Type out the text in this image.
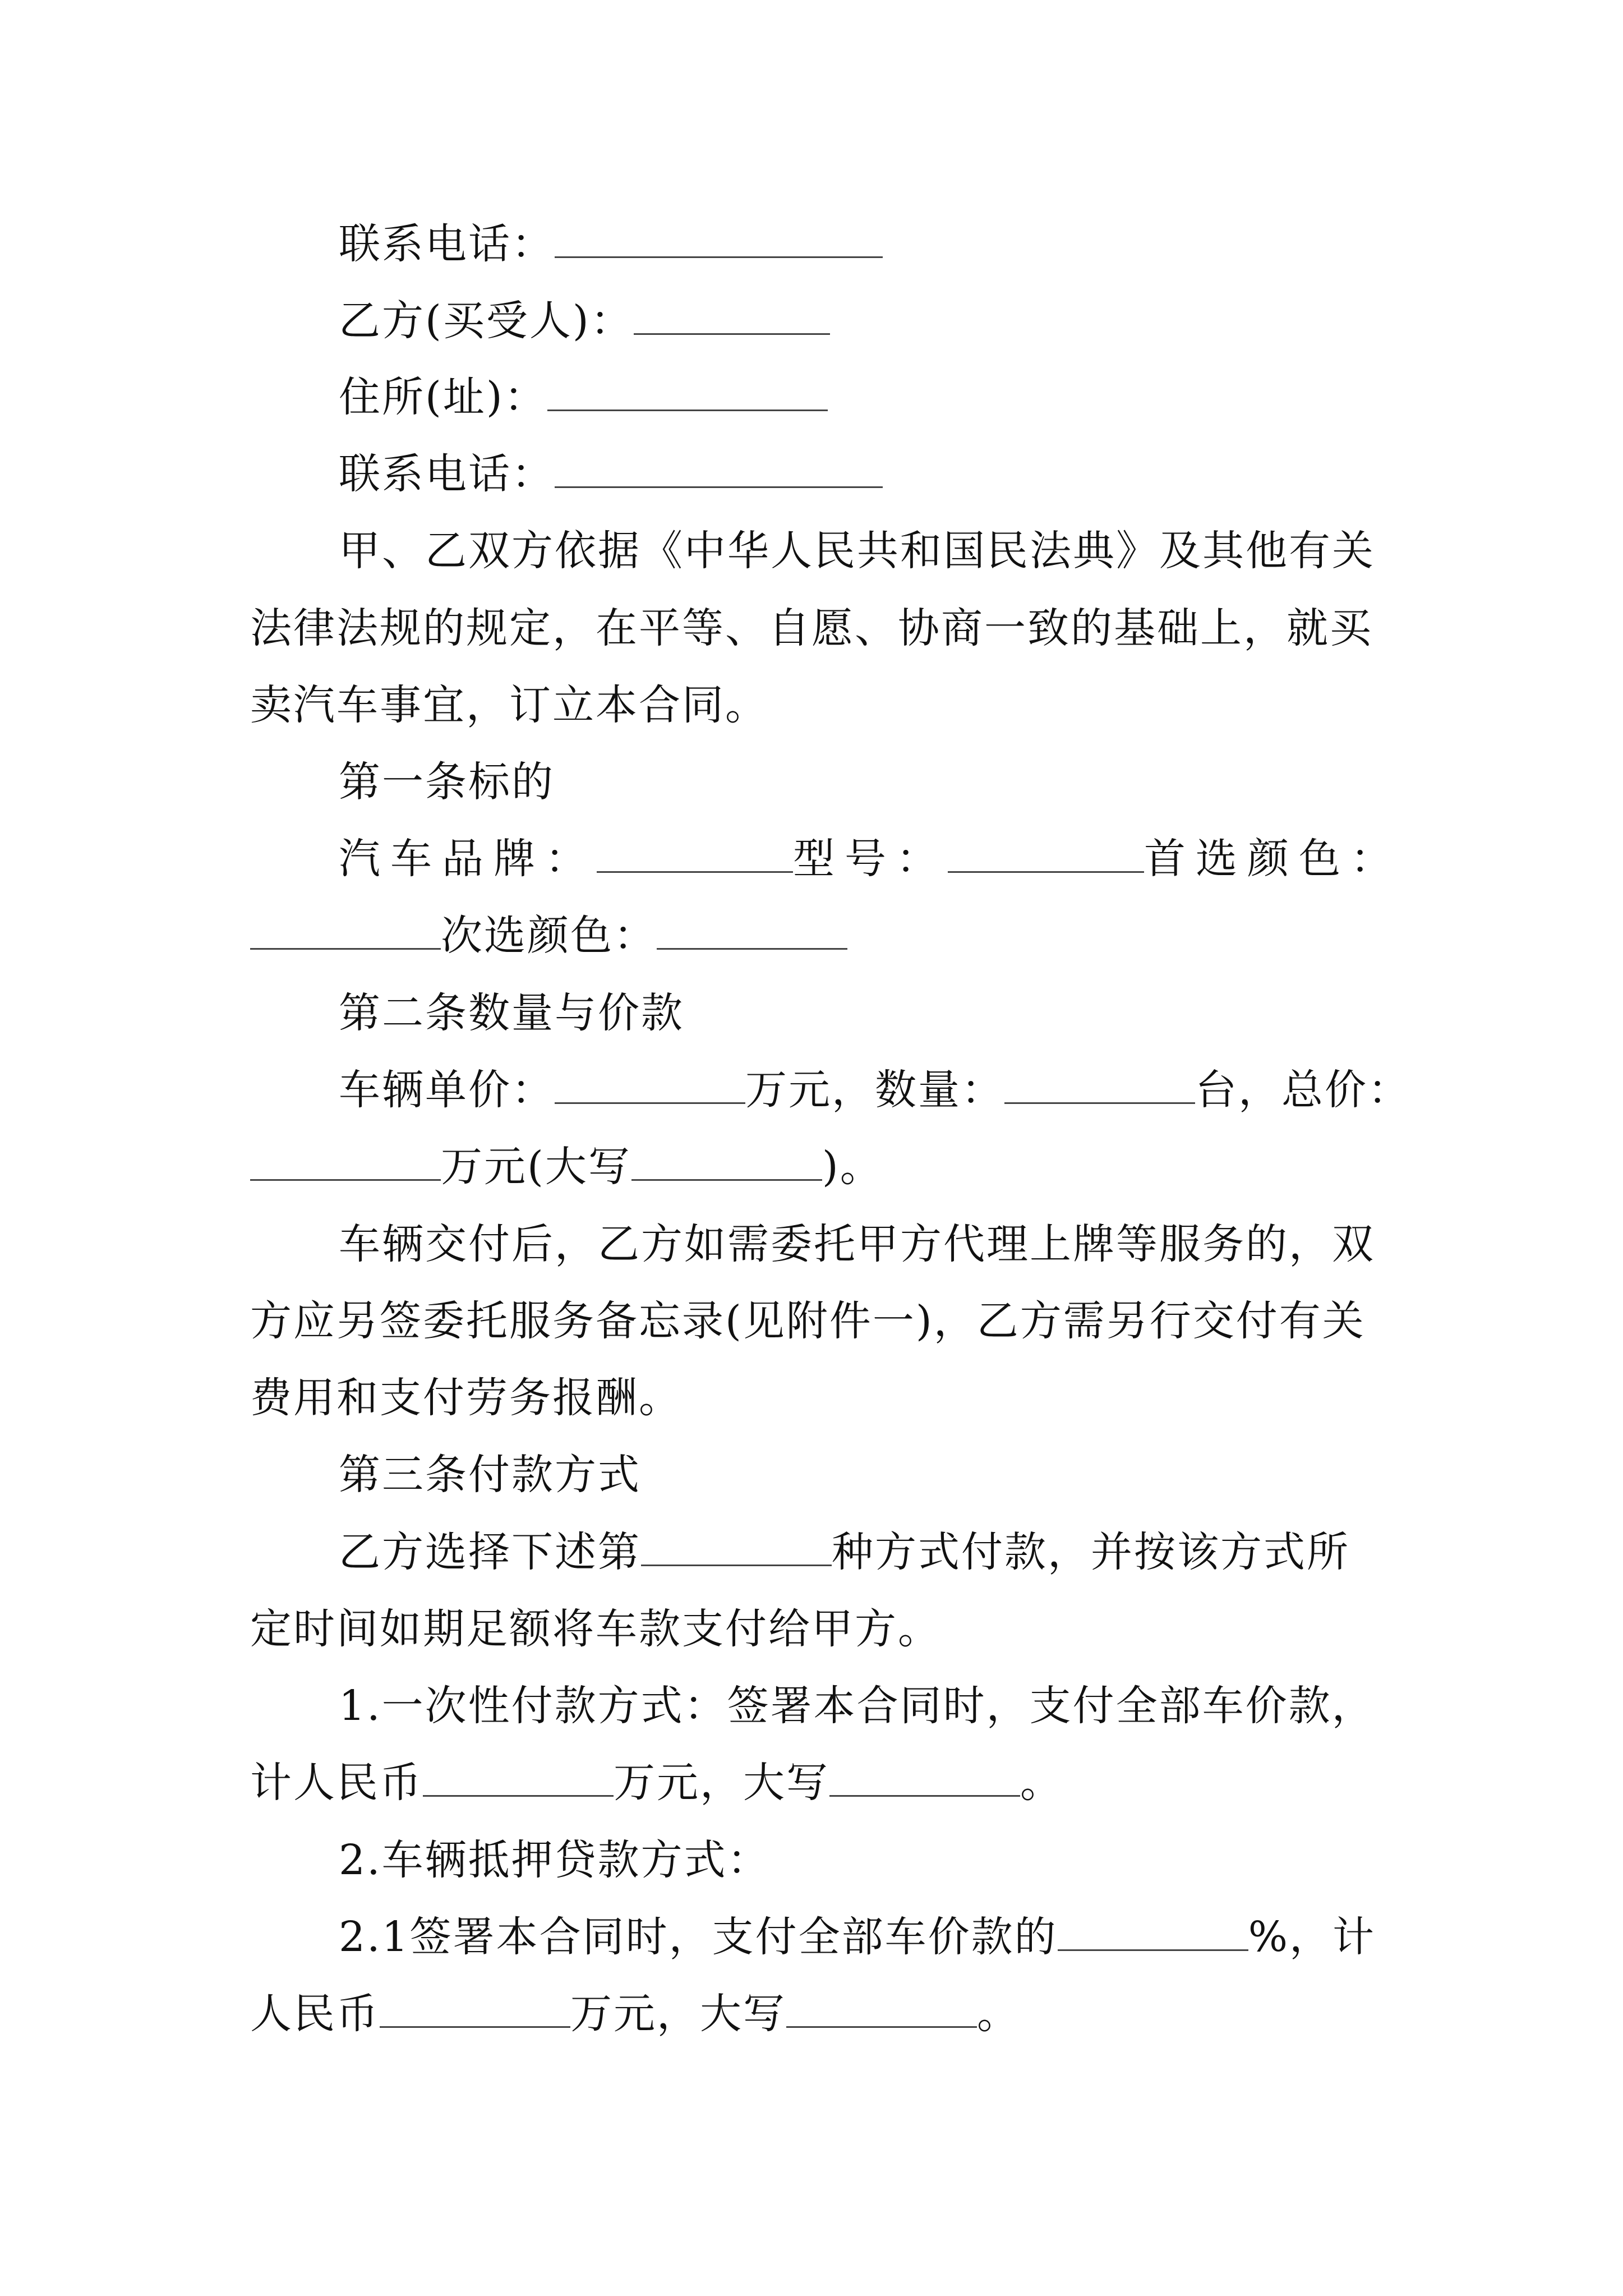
联系电话：
乙方(买受人)：
住所(址)：
联系电话：
甲、乙双方依据《中华人民共和国民法典》及其他有关
法律法规的规定，在平等、自愿、协商一致的基础上，就买
卖汽车事宜，订立本合同。
第一条标的
汽车品牌：	型号：	首选颜色：
次选颜色：
第二条数量与价款
车辆单价：	万元，数量：	台，总价：
万元(大写	)。
车辆交付后，乙方如需委托甲方代理上牌等服务的，双
方应另签委托服务备忘录(见附件一)，乙方需另行交付有关
费用和支付劳务报酬。
第三条付款方式
乙方选择下述第	种方式付款，并按该方式所
定时间如期足额将车款支付给甲方。
1.一次性付款方式：签署本合同时，支付全部车价款，
计人民币	万元，大写	。
2.车辆抵押贷款方式：
2.1签署本合同时，支付全部车价款的	%，计
人民币	万元，大写	。
